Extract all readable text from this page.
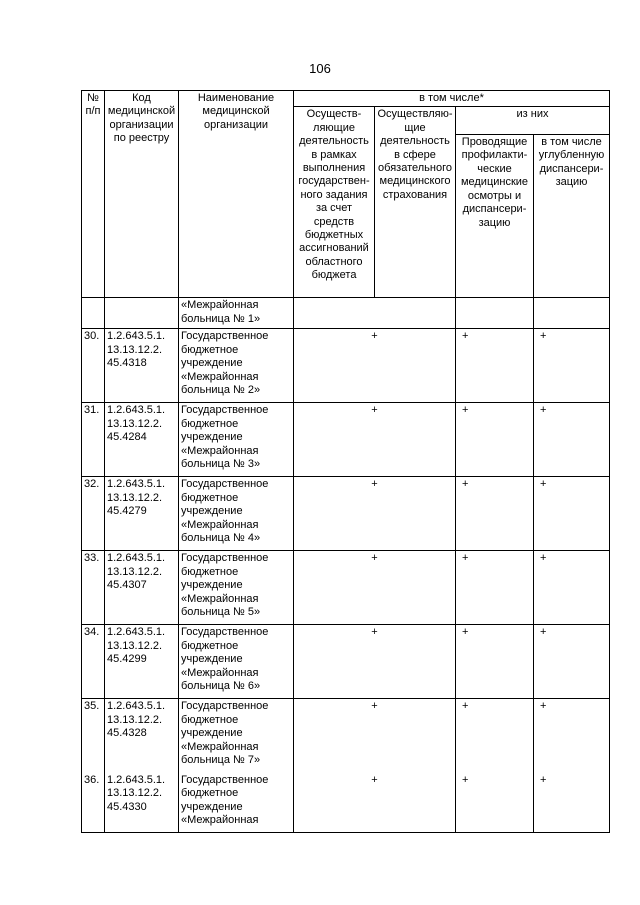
106
№ п/п	Код медицинской организации по реестру	Наименование медицинской организации	в том числе*			
			Осуществ-ляющие деятельность в рамках выполнения государствен-ного задания за счет средств бюджетных ассигнований областного бюджета	Осуществляю-щие деятельность в сфере обязательного медицинского страхования	из них	
					Проводящие профилакти-ческие медицинские осмотры и диспансери-зацию	в том числе углубленную диспансери-зацию
		«Межрайонная больница № 1»				
30.	1.2.643.5.1. 13.13.12.2. 45.4318	Государственное бюджетное учреждение «Межрайонная больница № 2»	+		+	+
31.	1.2.643.5.1. 13.13.12.2. 45.4284	Государственное бюджетное учреждение «Межрайонная больница № 3»	+		+	+
32.	1.2.643.5.1. 13.13.12.2. 45.4279	Государственное бюджетное учреждение «Межрайонная больница № 4»	+		+	+
33.	1.2.643.5.1. 13.13.12.2. 45.4307	Государственное бюджетное учреждение «Межрайонная больница № 5»	+		+	+
34.	1.2.643.5.1. 13.13.12.2. 45.4299	Государственное бюджетное учреждение «Межрайонная больница № 6»	+		+	+
35.	1.2.643.5.1. 13.13.12.2. 45.4328	Государственное бюджетное учреждение «Межрайонная больница № 7»	+		+	+
36.	1.2.643.5.1. 13.13.12.2. 45.4330	Государственное бюджетное учреждение «Межрайонная	+		+	+
